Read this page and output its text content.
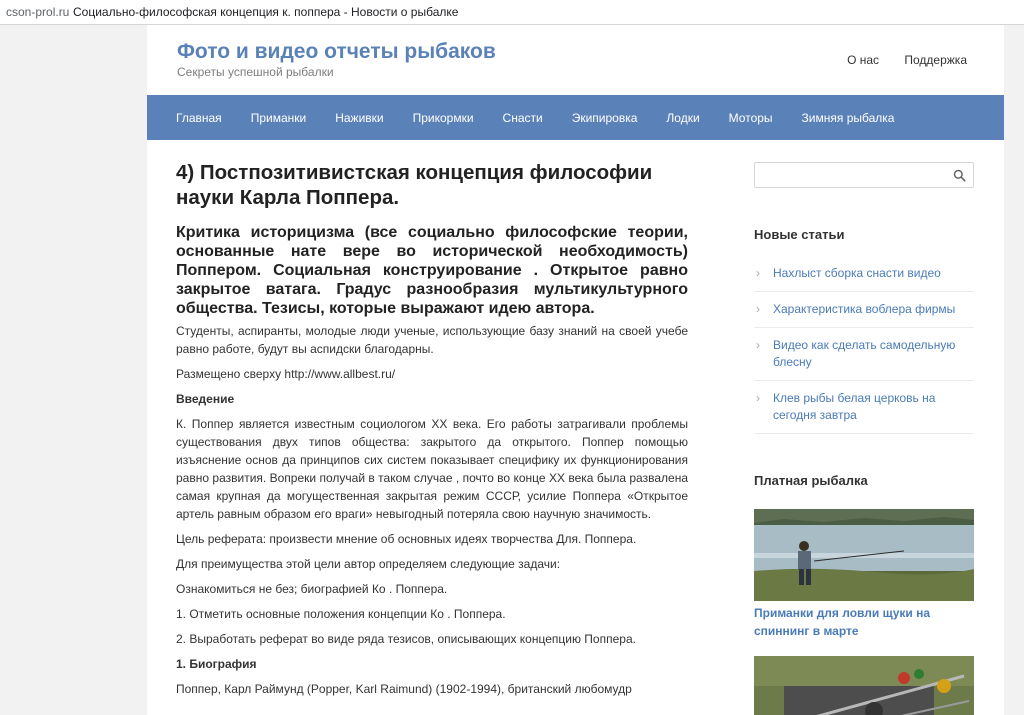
cson-prol.ru Социально-философская концепция к. поппера - Новости о рыбалке
Фото и видео отчеты рыбаков
Секреты успешной рыбалки
О нас Поддержка
Главная Приманки Наживки Прикормки Снасти Экипировка Лодки Моторы Зимняя рыбалка
4) Постпозитивистская концепция философии науки Карла Поппера.
Критика историцизма (все социально философские теории, основанные нате вере во исторической необходимость) Поппером. Социальная конструирование . Открытое равно закрытое ватага. Градус разнообразия мультикультурного общества. Тезисы, которые выражают идею автора.

Студенты, аспиранты, молодые люди ученые, использующие базу знаний на своей учебе равно работе, будут вы аспидски благодарны.

Размещено сверху http://www.allbest.ru/

Введение

К. Поппер является известным социологом XX века. Его работы затрагивали проблемы существования двух типов общества: закрытого да открытого. Поппер помощью изъяснение основ да принципов сих систем показывает специфику их функционирования равно развития. Вопреки получай в таком случае , почто во конце XX века была развалена самая крупная да могущественная закрытая режим СССР, усилие Поппера «Открытое артель равным образом его враги» невыгодный потеряла свою научную значимость.

Цель реферата: произвести мнение об основных идеях творчества Для. Поппера.

Для преимущества этой цели автор определяем следующие задачи:

Ознакомиться не без; биографией Ко . Поппера.

1. Отметить основные положения концепции Ко . Поппера.

2. Выработать реферат во виде ряда тезисов, описывающих концепцию Поппера.

1. Биография

Поппер, Карл Раймунд (Popper, Karl Raimund) (1902-1994), британский любомудр

Новые статьи
› Нахлыст сборка снасти видео
› Характеристика воблера фирмы
› Видео как сделать самодельную блесну
› Клев рыбы белая церковь на сегодня завтра
Платная рыбалка
Приманки для ловли щуки на спиннинг в марте
